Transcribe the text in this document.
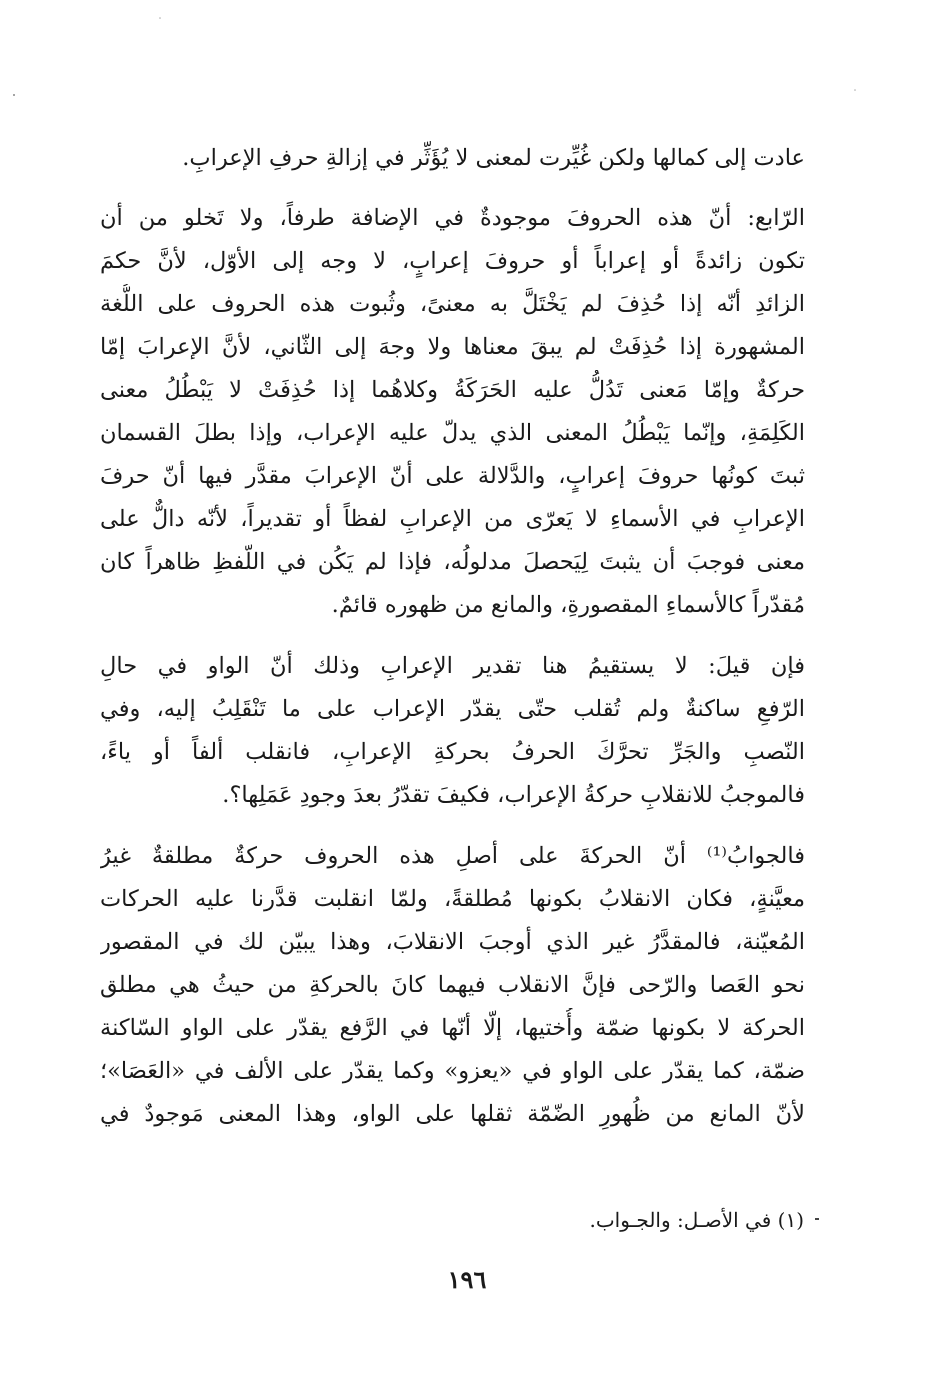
عادت إلى كمالها ولكن غُيِّرت لمعنى لا يُؤَثِّر في إزالةِ حرفِ الإعرابِ.
الرّابع: أنّ هذه الحروفَ موجودةٌ في الإضافة طرفاً، ولا تَخلو من أن
تكون زائدةً أو إعراباً أو حروفَ إعرابٍ، لا وجه إلى الأوّل، لأنَّ حكمَ
الزائدِ أنّه إذا حُذِفَ لم يَخْتَلَّ به معنىً، وثُبوت هذه الحروف على اللُّغة
المشهورة إذا حُذِفَتْ لم يبقَ معناها ولا وجهَ إلى الثّاني، لأنَّ الإعرابَ إمّا
حركةٌ وإمّا مَعنى تَدُلُّ عليه الحَرَكَةُ وكلاهُما إذا حُذِفَتْ لا يَبْطُلُ معنى
الكَلِمَةِ، وإنّما يَبْطُلُ المعنى الذي يدلّ عليه الإعراب، وإذا بطلَ القسمان
ثبتَ كونُها حروفَ إعرابٍ، والدَّلالة على أنّ الإعرابَ مقدَّر فيها أنّ حرفَ
الإعرابِ في الأسماءِ لا يَعرّى من الإعرابِ لفظاً أو تقديراً، لأنّه دالٌّ على
معنى فوجبَ أن يثبتَ لِيَحصلَ مدلولُه، فإذا لم يَكُن في اللّفظِ ظاهراً كان
مُقدّراً كالأسماءِ المقصورةِ، والمانع من ظهوره قائمٌ.
فإن قيلَ: لا يستقيمُ هنا تقدير الإعرابِ وذلك أنّ الواو في حالِ
الرّفعِ ساكنةٌ ولم تُقلب حتّى يقدّر الإعراب على ما تَنْقَلِبُ إليه، وفي
النّصبِ والجَرِّ تحرَّكَ الحرفُ بحركةِ الإعرابِ، فانقلب ألفاً أو ياءً،
فالموجبُ للانقلابِ حركةُ الإعراب، فكيفَ تقدّرُ بعدَ وجودِ عَمَلِها؟.
فالجوابُ⁽¹⁾ أنّ الحركةَ على أصلِ هذه الحروف حركةٌ مطلقةٌ غيرُ
معيَّنةٍ، فكان الانقلابُ بكونها مُطلقةً، ولمّا انقلبت قدَّرنا عليه الحركات
المُعيّنة، فالمقدَّرُ غير الذي أوجبَ الانقلابَ، وهذا يبيّن لك في المقصور
نحو العَصا والرّحى فإنَّ الانقلاب فيهما كانَ بالحركةِ من حيثُ هي مطلق
الحركة لا بكونها ضمّة وأُختيها، إلّا أنّها في الرَّفع يقدّر على الواو السّاكنة
ضمّة، كما يقدّر على الواو في «يعزو» وكما يقدّر على الألف في «العَصَا»؛
لأنّ المانع من ظُهورِ الضّمّة ثقلها على الواو، وهذا المعنى مَوجودٌ في
(١) في الأصـل: والجـواب.
١٩٦
